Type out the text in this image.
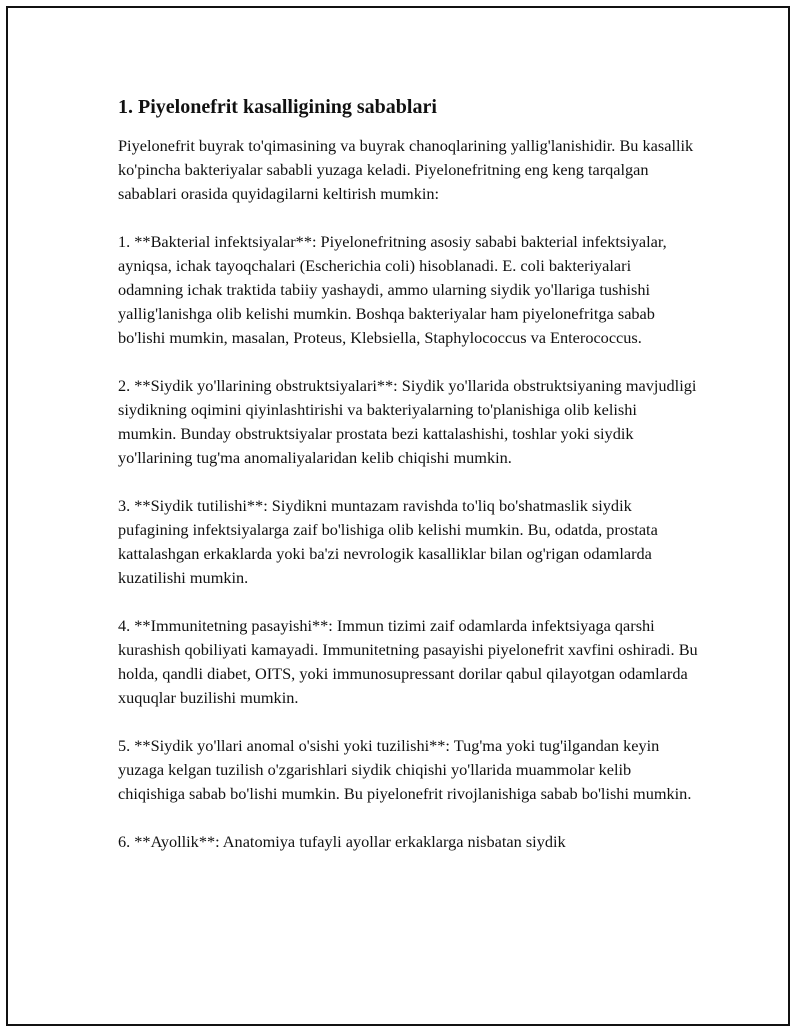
1. Piyelonefrit kasalligining sabablari

Piyelonefrit buyrak to'qimasining va buyrak chanoqlarining yallig'lanishidir. Bu kasallik ko'pincha bakteriyalar sababli yuzaga keladi. Piyelonefritning eng keng tarqalgan sabablari orasida quyidagilarni keltirish mumkin:

1. **Bakterial infektsiyalar**: Piyelonefritning asosiy sababi bakterial infektsiyalar, ayniqsa, ichak tayoqchalari (Escherichia coli) hisoblanadi. E. coli bakteriyalari odamning ichak traktida tabiiy yashaydi, ammo ularning siydik yo'llariga tushishi yallig'lanishga olib kelishi mumkin. Boshqa bakteriyalar ham piyelonefritga sabab bo'lishi mumkin, masalan, Proteus, Klebsiella, Staphylococcus va Enterococcus.

2. **Siydik yo'llarining obstruktsiyalari**: Siydik yo'llarida obstruktsiyaning mavjudligi siydikning oqimini qiyinlashtirishi va bakteriyalarning to'planishiga olib kelishi mumkin. Bunday obstruktsiyalar prostata bezi kattalashishi, toshlar yoki siydik yo'llarining tug'ma anomaliyalaridan kelib chiqishi mumkin.

3. **Siydik tutilishi**: Siydikni muntazam ravishda to'liq bo'shatmaslik siydik pufagining infektsiyalarga zaif bo'lishiga olib kelishi mumkin. Bu, odatda, prostata kattalashgan erkaklarda yoki ba'zi nevrologik kasalliklar bilan og'rigan odamlarda kuzatilishi mumkin.

4. **Immunitetning pasayishi**: Immun tizimi zaif odamlarda infektsiyaga qarshi kurashish qobiliyati kamayadi. Immunitetning pasayishi piyelonefrit xavfini oshiradi. Bu holda, qandli diabet, OITS, yoki immunosupressant dorilar qabul qilayotgan odamlarda xuquqlar buzilishi mumkin.

5. **Siydik yo'llari anomal o'sishi yoki tuzilishi**: Tug'ma yoki tug'ilgandan keyin yuzaga kelgan tuzilish o'zgarishlari siydik chiqishi yo'llarida muammolar kelib chiqishiga sabab bo'lishi mumkin. Bu piyelonefrit rivojlanishiga sabab bo'lishi mumkin.

6. **Ayollik**: Anatomiya tufayli ayollar erkaklarga nisbatan siydik
